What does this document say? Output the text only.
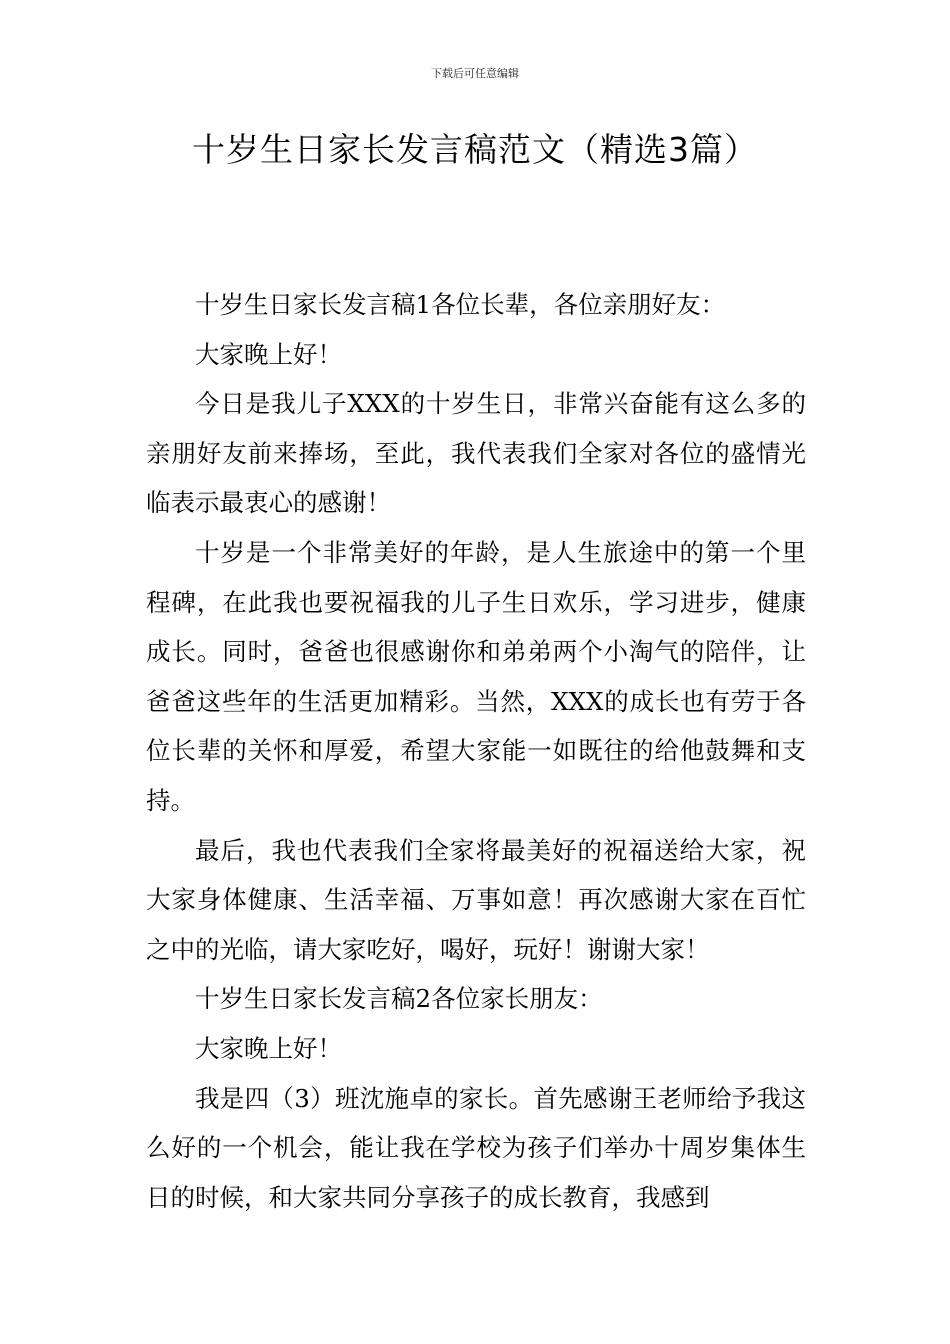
下载后可任意编辑
十岁生日家长发言稿范文（精选3篇）

十岁生日家长发言稿1各位长辈，各位亲朋好友：

大家晚上好！

今日是我儿子XXX的十岁生日，非常兴奋能有这么多的亲朋好友前来捧场，至此，我代表我们全家对各位的盛情光临表示最衷心的感谢！

十岁是一个非常美好的年龄，是人生旅途中的第一个里程碑，在此我也要祝福我的儿子生日欢乐，学习进步，健康成长。同时，爸爸也很感谢你和弟弟两个小淘气的陪伴，让爸爸这些年的生活更加精彩。当然，XXX的成长也有劳于各位长辈的关怀和厚爱，希望大家能一如既往的给他鼓舞和支持。

最后，我也代表我们全家将最美好的祝福送给大家，祝大家身体健康、生活幸福、万事如意！再次感谢大家在百忙之中的光临，请大家吃好，喝好，玩好！谢谢大家！

十岁生日家长发言稿2各位家长朋友：

大家晚上好！

我是四（3）班沈施卓的家长。首先感谢王老师给予我这么好的一个机会，能让我在学校为孩子们举办十周岁集体生日的时候，和大家共同分享孩子的成长教育，我感到
